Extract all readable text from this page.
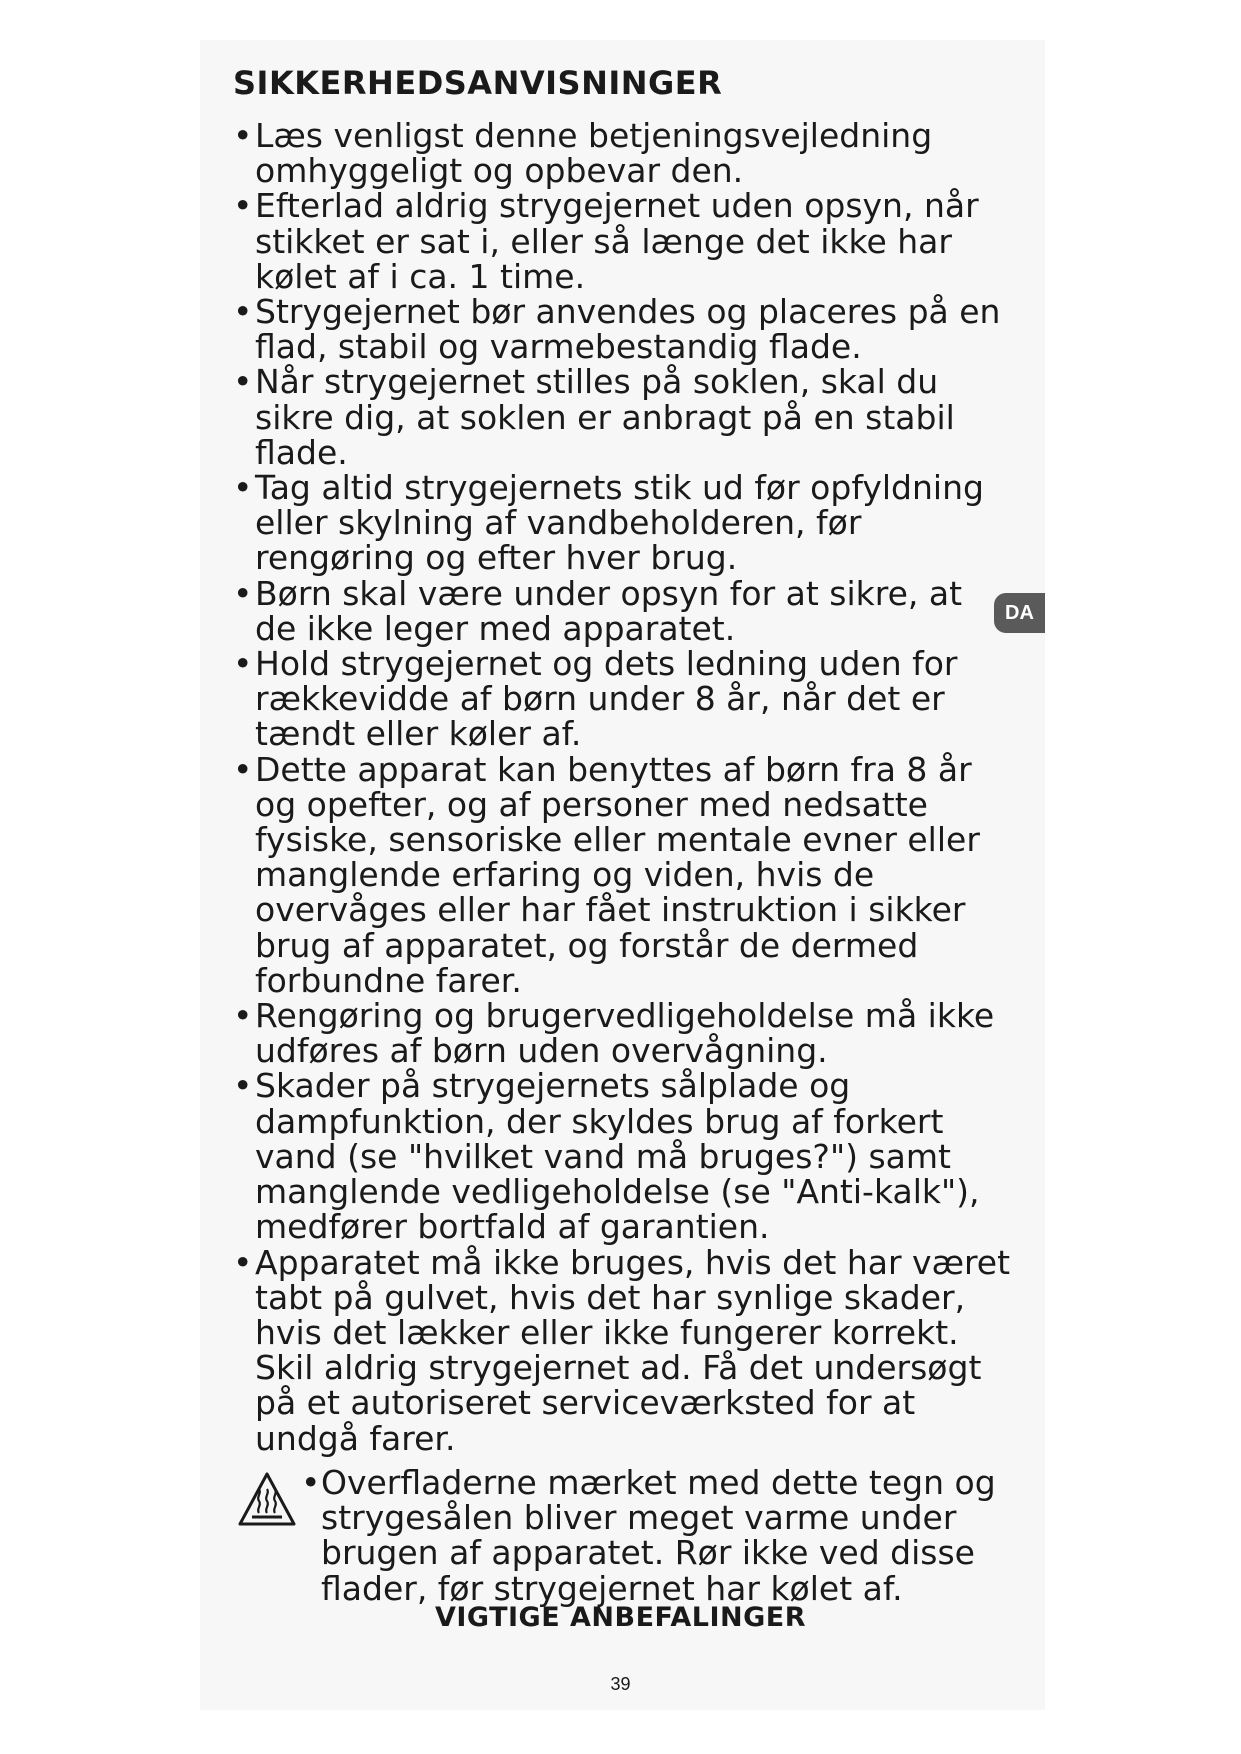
SIKKERHEDSANVISNINGER
• Læs venligst denne betjeningsvejledning omhyggeligt og opbevar den.
• Efterlad aldrig strygejernet uden opsyn, når stikket er sat i, eller så længe det ikke har kølet af i ca. 1 time.
• Strygejernet bør anvendes og placeres på en flad, stabil og varmebestandig flade.
• Når strygejernet stilles på soklen, skal du sikre dig, at soklen er anbragt på en stabil flade.
• Tag altid strygejernets stik ud før opfyldning eller skylning af vandbeholderen, før rengøring og efter hver brug.
• Børn skal være under opsyn for at sikre, at de ikke leger med apparatet.
• Hold strygejernet og dets ledning uden for rækkevidde af børn under 8 år, når det er tændt eller køler af.
• Dette apparat kan benyttes af børn fra 8 år og opefter, og af personer med nedsatte fysiske, sensoriske eller mentale evner eller manglende erfaring og viden, hvis de overvåges eller har fået instruktion i sikker brug af apparatet, og forstår de dermed forbundne farer.
• Rengøring og brugervedligeholdelse må ikke udføres af børn uden overvågning.
• Skader på strygejernets sålplade og dampfunktion, der skyldes brug af forkert vand (se "hvilket vand må bruges?") samt manglende vedligeholdelse (se "Anti-kalk"), medfører bortfald af garantien.
• Apparatet må ikke bruges, hvis det har været tabt på gulvet, hvis det har synlige skader, hvis det lækker eller ikke fungerer korrekt. Skil aldrig strygejernet ad. Få det undersøgt på et autoriseret serviceværksted for at undgå farer.
• Overfladerne mærket med dette tegn og strygesålen bliver meget varme under brugen af apparatet. Rør ikke ved disse flader, før strygejernet har kølet af.
VIGTIGE ANBEFALINGER
39
DA
